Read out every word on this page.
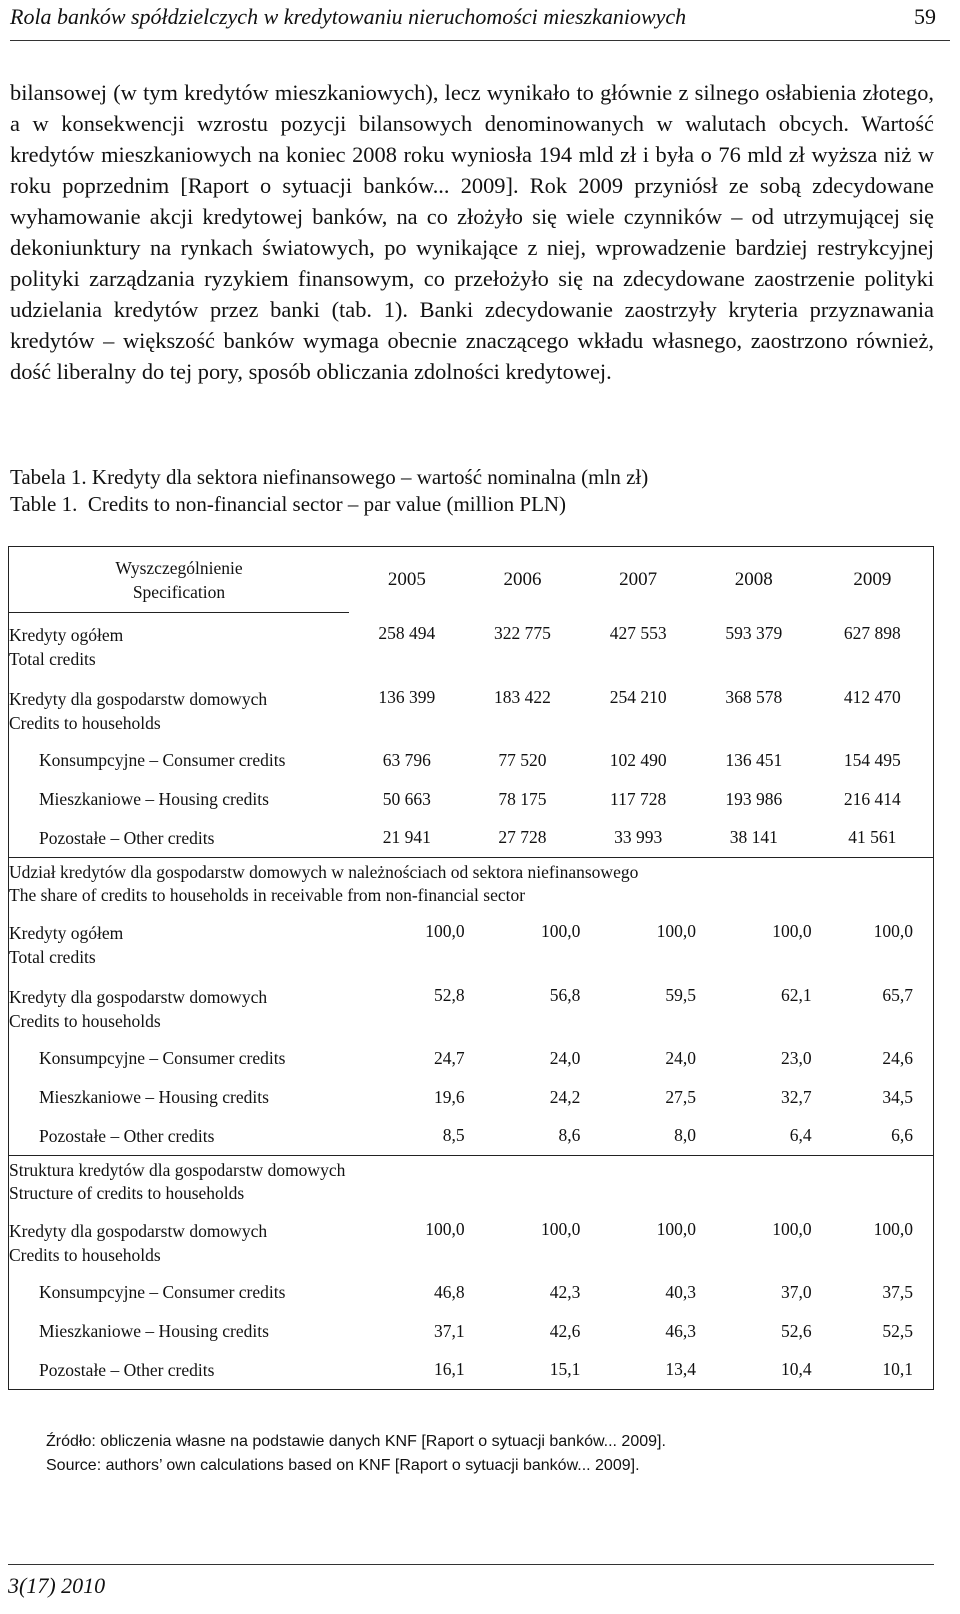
Rola banków spółdzielczych w kredytowaniu nieruchomości mieszkaniowych	59

bilansowej (w tym kredytów mieszkaniowych), lecz wynikało to głównie z silnego osłabienia złotego, a w konsekwencji wzrostu pozycji bilansowych denominowanych w walutach obcych. Wartość kredytów mieszkaniowych na koniec 2008 roku wyniosła 194 mld zł i była o 76 mld zł wyższa niż w roku poprzednim [Raport o sytuacji banków... 2009]. Rok 2009 przyniósł ze sobą zdecydowane wyhamowanie akcji kredytowej banków, na co złożyło się wiele czynników – od utrzymującej się dekoniunktury na rynkach światowych, po wynikające z niej, wprowadzenie bardziej restrykcyjnej polityki zarządzania ryzykiem finansowym, co przełożyło się na zdecydowane zaostrzenie polityki udzielania kredytów przez banki (tab. 1). Banki zdecydowanie zaostrzyły kryteria przyznawania kredytów – większość banków wymaga obecnie znaczącego wkładu własnego, zaostrzono również, dość liberalny do tej pory, sposób obliczania zdolności kredytowej.

Tabela 1. Kredyty dla sektora niefinansowego – wartość nominalna (mln zł)
Table 1.  Credits to non-financial sector – par value (million PLN)
Wyszczególnienie
Specification	2005	2006	2007	2008	2009
Kredyty ogółem
Total credits	258 494	322 775	427 553	593 379	627 898
Kredyty dla gospodarstw domowych
Credits to households	136 399	183 422	254 210	368 578	412 470
Konsumpcyjne – Consumer credits	63 796	77 520	102 490	136 451	154 495
Mieszkaniowe – Housing credits	50 663	78 175	117 728	193 986	216 414
Pozostałe – Other credits	21 941	27 728	33 993	38 141	41 561
Udział kredytów dla gospodarstw domowych w należnościach od sektora niefinansowego
The share of credits to households in receivable from non-financial sector					
Kredyty ogółem
Total credits	100,0	100,0	100,0	100,0	100,0
Kredyty dla gospodarstw domowych
Credits to households	52,8	56,8	59,5	62,1	65,7
Konsumpcyjne – Consumer credits	24,7	24,0	24,0	23,0	24,6
Mieszkaniowe – Housing credits	19,6	24,2	27,5	32,7	34,5
Pozostałe – Other credits	8,5	8,6	8,0	6,4	6,6
Struktura kredytów dla gospodarstw domowych
Structure of credits to households					
Kredyty dla gospodarstw domowych
Credits to households	100,0	100,0	100,0	100,0	100,0
Konsumpcyjne – Consumer credits	46,8	42,3	40,3	37,0	37,5
Mieszkaniowe – Housing credits	37,1	42,6	46,3	52,6	52,5
Pozostałe – Other credits	16,1	15,1	13,4	10,4	10,1
Źródło: obliczenia własne na podstawie danych KNF [Raport o sytuacji banków... 2009].
Source: authors’ own calculations based on KNF [Raport o sytuacji banków... 2009].
3(17) 2010
